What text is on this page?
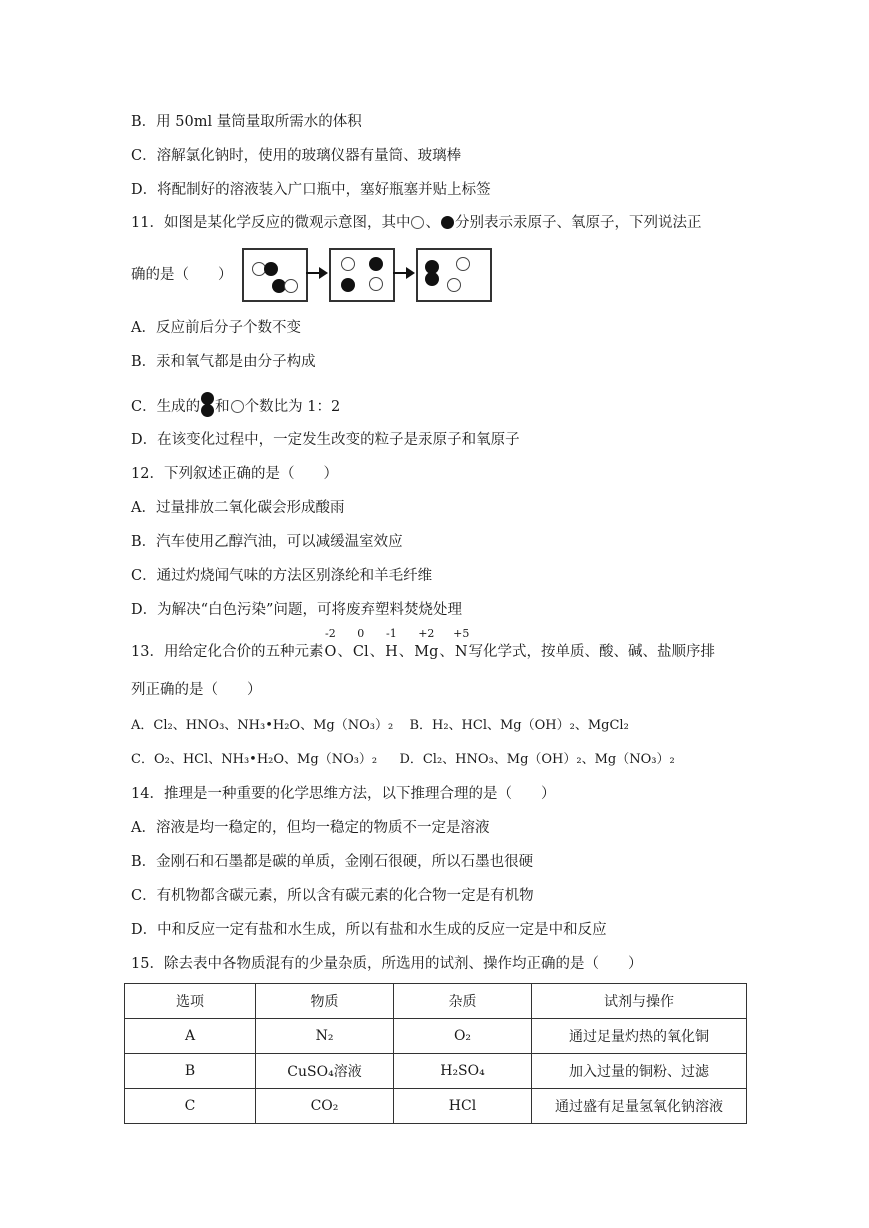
B．用 50ml 量筒量取所需水的体积
C．溶解氯化钠时，使用的玻璃仪器有量筒、玻璃棒
D．将配制好的溶液装入广口瓶中，塞好瓶塞并贴上标签
11．如图是某化学反应的微观示意图，其中 、 分别表示汞原子、氧原子，下列说法正
确的是（　　）
A．反应前后分子个数不变
B．汞和氧气都是由分子构成
C．生成的 和 个数比为 1：2
D．在该变化过程中，一定发生改变的粒子是汞原子和氧原子
12．下列叙述正确的是（　　）
A．过量排放二氧化碳会形成酸雨
B．汽车使用乙醇汽油，可以减缓温室效应
C．通过灼烧闻气味的方法区别涤纶和羊毛纤维
D．为解决“白色污染”问题，可将废弃塑料焚烧处理
13．用给定化合价的五种元素
-2
O、
0
Cl、
-1
H、
+2
Mg、
+5
N写化学式，按单质、酸、碱、盐顺序排
列正确的是（　　）
A．Cl₂、HNO₃、NH₃•H₂O、Mg（NO₃）₂ B．H₂、HCl、Mg（OH）₂、MgCl₂
C．O₂、HCl、NH₃•H₂O、Mg（NO₃）₂ D．Cl₂、HNO₃、Mg（OH）₂、Mg（NO₃）₂
14．推理是一种重要的化学思维方法，以下推理合理的是（　　）
A．溶液是均一稳定的，但均一稳定的物质不一定是溶液
B．金刚石和石墨都是碳的单质，金刚石很硬，所以石墨也很硬
C．有机物都含碳元素，所以含有碳元素的化合物一定是有机物
D．中和反应一定有盐和水生成，所以有盐和水生成的反应一定是中和反应
15．除去表中各物质混有的少量杂质，所选用的试剂、操作均正确的是（　　）
选项	物质	杂质	试剂与操作
A	N₂	O₂	通过足量灼热的氧化铜
B	CuSO₄溶液	H₂SO₄	加入过量的铜粉、过滤
C	CO₂	HCl	通过盛有足量氢氧化钠溶液
